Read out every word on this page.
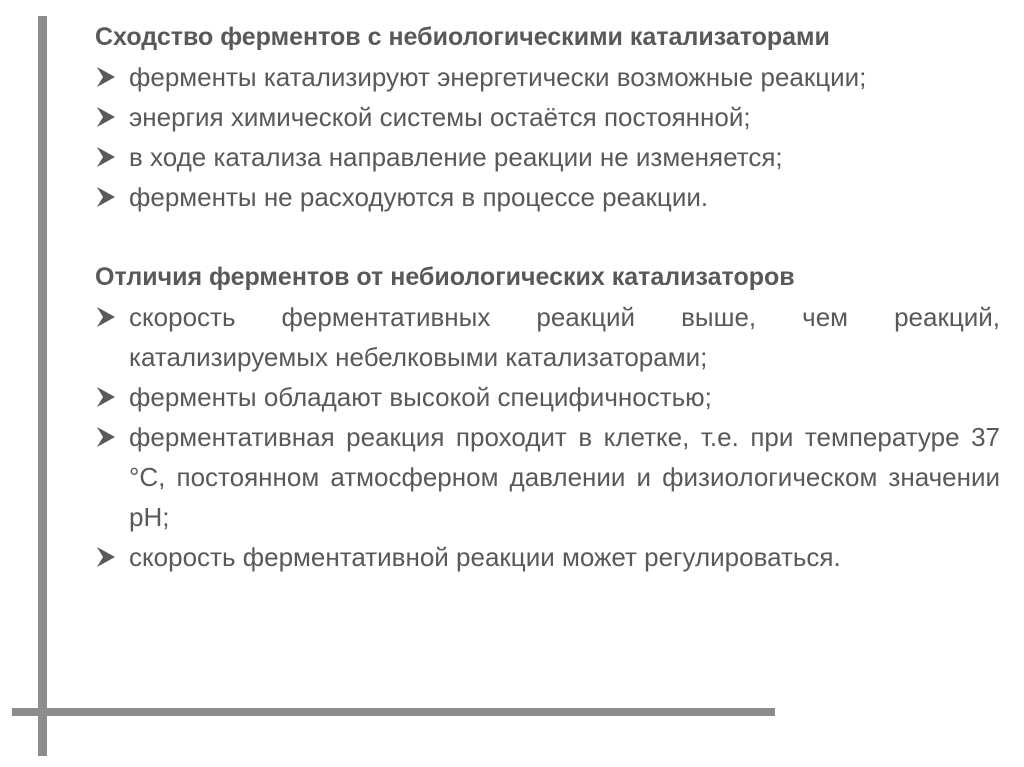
Сходство ферментов с небиологическими катализаторами
ферменты катализируют энергетически возможные реакции;
энергия химической системы остаётся постоянной;
в ходе катализа направление реакции не изменяется;
ферменты не расходуются в процессе реакции.
Отличия ферментов от небиологических катализаторов
скорость ферментативных реакций выше, чем реакций, катализируемых небелковыми катализаторами;
ферменты обладают высокой специфичностью;
ферментативная реакция проходит в клетке, т.е. при температуре 37 °С, постоянном атмосферном давлении и физиологическом значении рН;
скорость ферментативной реакции может регулироваться.
